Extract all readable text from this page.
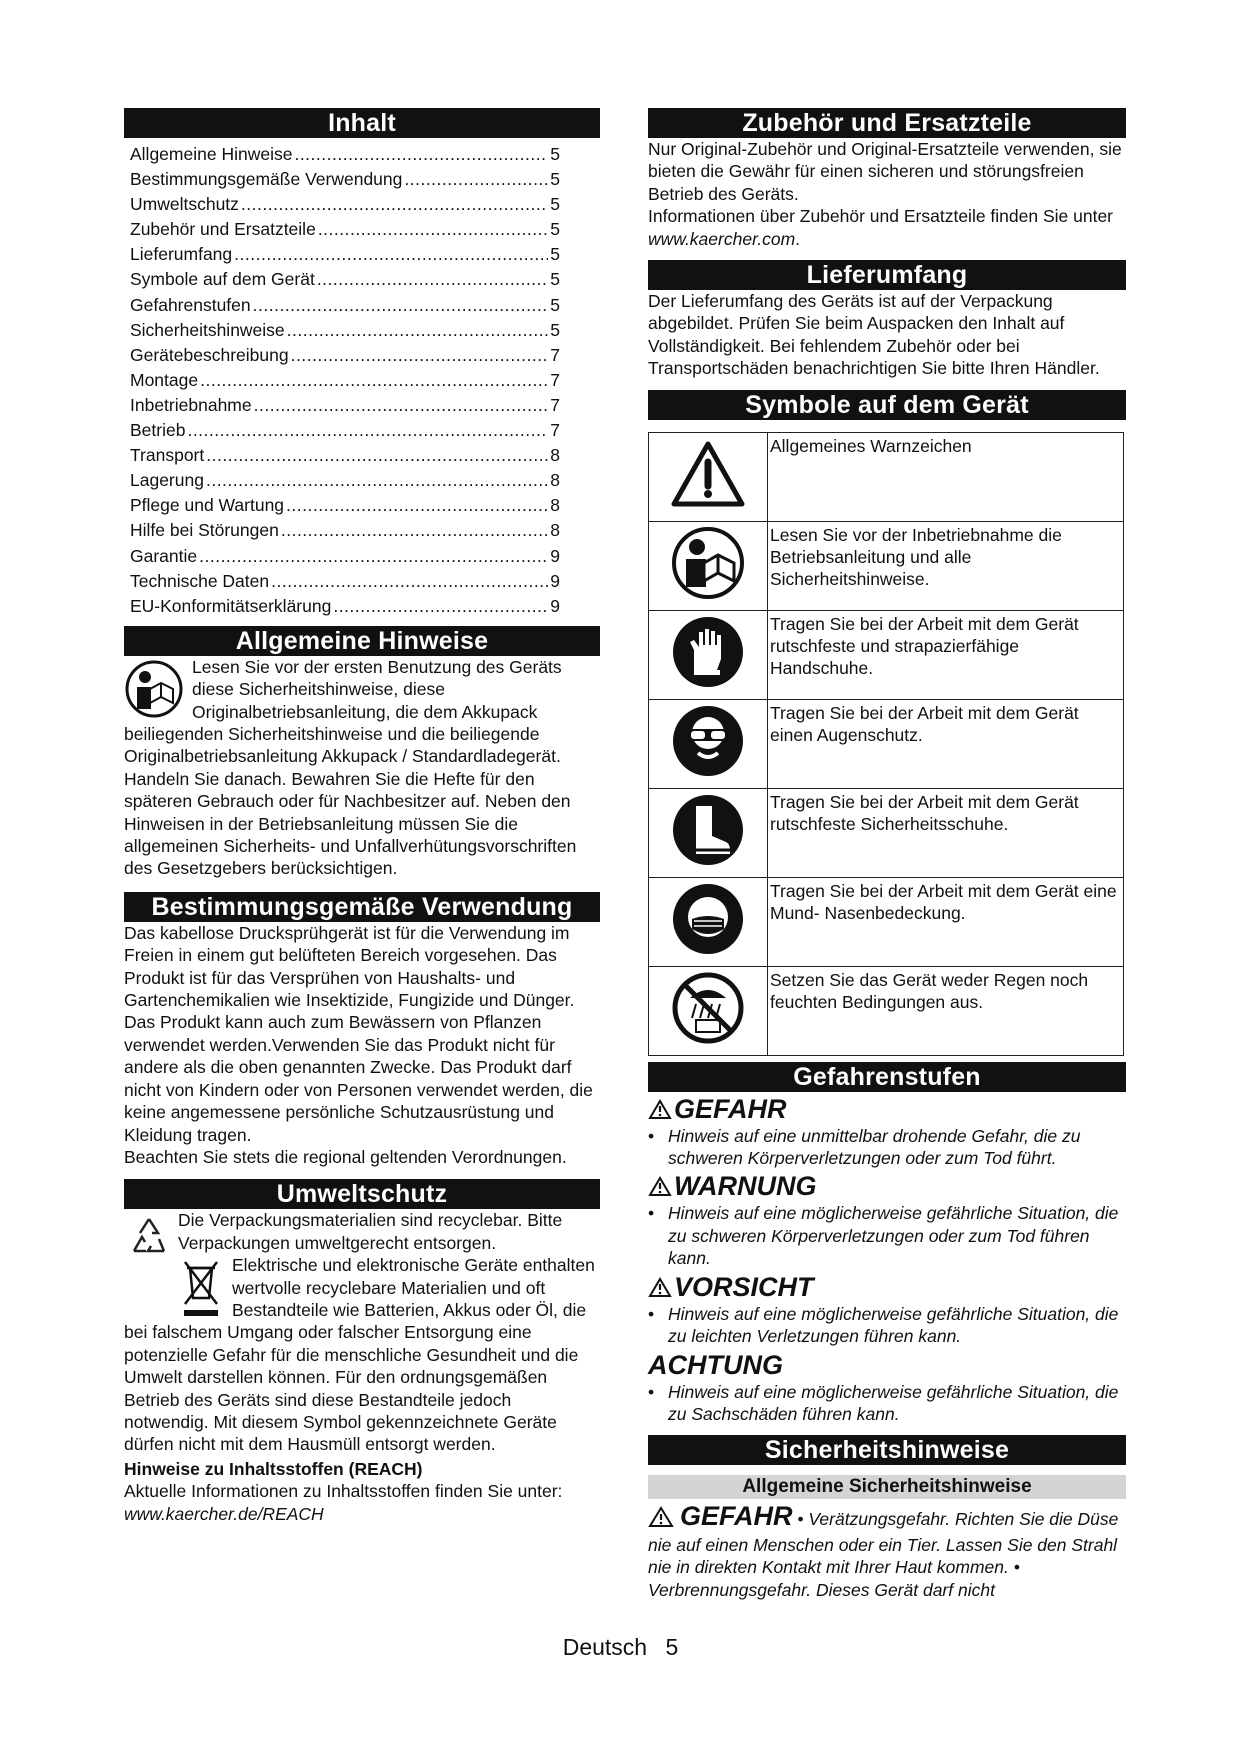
Inhalt
Allgemeine Hinweise .....	5
Bestimmungsgemäße Verwendung .....	5
Umweltschutz .....	5
Zubehör und Ersatzteile .....	5
Lieferumfang .....	5
Symbole auf dem Gerät .....	5
Gefahrenstufen .....	5
Sicherheitshinweise .....	5
Gerätebeschreibung .....	7
Montage .....	7
Inbetriebnahme .....	7
Betrieb .....	7
Transport .....	8
Lagerung .....	8
Pflege und Wartung .....	8
Hilfe bei Störungen .....	8
Garantie .....	9
Technische Daten .....	9
EU-Konformitätserklärung .....	9
Allgemeine Hinweise

Lesen Sie vor der ersten Benutzung des Geräts diese Sicherheitshinweise, diese Originalbetriebsanleitung, die dem Akkupack beiliegenden Sicherheitshinweise und die beiliegende Originalbetriebsanleitung Akkupack / Standardladegerät. Handeln Sie danach. Bewahren Sie die Hefte für den späteren Gebrauch oder für Nachbesitzer auf. Neben den Hinweisen in der Betriebsanleitung müssen Sie die allgemeinen Sicherheits- und Unfallverhütungsvorschriften des Gesetzgebers berücksichtigen.

Bestimmungsgemäße Verwendung

Das kabellose Drucksprühgerät ist für die Verwendung im Freien in einem gut belüfteten Bereich vorgesehen. Das Produkt ist für das Versprühen von Haushalts- und Gartenchemikalien wie Insektizide, Fungizide und Dünger. Das Produkt kann auch zum Bewässern von Pflanzen verwendet werden.Verwenden Sie das Produkt nicht für andere als die oben genannten Zwecke. Das Produkt darf nicht von Kindern oder von Personen verwendet werden, die keine angemessene persönliche Schutzausrüstung und Kleidung tragen.

Beachten Sie stets die regional geltenden Verordnungen.

Umweltschutz

Die Verpackungsmaterialien sind recyclebar. Bitte Verpackungen umweltgerecht entsorgen.

Elektrische und elektronische Geräte enthalten wertvolle recyclebare Materialien und oft Bestandteile wie Batterien, Akkus oder Öl, die bei falschem Umgang oder falscher Entsorgung eine potenzielle Gefahr für die menschliche Gesundheit und die Umwelt darstellen können. Für den ordnungsgemäßen Betrieb des Geräts sind diese Bestandteile jedoch notwendig. Mit diesem Symbol gekennzeichnete Geräte dürfen nicht mit dem Hausmüll entsorgt werden.

Hinweise zu Inhaltsstoffen (REACH)

Aktuelle Informationen zu Inhaltsstoffen finden Sie unter: www.kaercher.de/REACH

Zubehör und Ersatzteile

Nur Original-Zubehör und Original-Ersatzteile verwenden, sie bieten die Gewähr für einen sicheren und störungsfreien Betrieb des Geräts.

Informationen über Zubehör und Ersatzteile finden Sie unter www.kaercher.com.

Lieferumfang

Der Lieferumfang des Geräts ist auf der Verpackung abgebildet. Prüfen Sie beim Auspacken den Inhalt auf Vollständigkeit. Bei fehlendem Zubehör oder bei Transportschäden benachrichtigen Sie bitte Ihren Händler.

Symbole auf dem Gerät
	Allgemeines Warnzeichen
	Lesen Sie vor der Inbetriebnahme die Betriebsanleitung und alle Sicherheitshinweise.
	Tragen Sie bei der Arbeit mit dem Gerät rutschfeste und strapazierfähige Handschuhe.
	Tragen Sie bei der Arbeit mit dem Gerät einen Augenschutz.
	Tragen Sie bei der Arbeit mit dem Gerät rutschfeste Sicherheitsschuhe.
	Tragen Sie bei der Arbeit mit dem Gerät eine Mund- Nasenbedeckung.
	Setzen Sie das Gerät weder Regen noch feuchten Bedingungen aus.
Gefahrenstufen
GEFAHR

• Hinweis auf eine unmittelbar drohende Gefahr, die zu schweren Körperverletzungen oder zum Tod führt.

WARNUNG

• Hinweis auf eine möglicherweise gefährliche Situation, die zu schweren Körperverletzungen oder zum Tod führen kann.

VORSICHT

• Hinweis auf eine möglicherweise gefährliche Situation, die zu leichten Verletzungen führen kann.

ACHTUNG

• Hinweis auf eine möglicherweise gefährliche Situation, die zu Sachschäden führen kann.

Sicherheitshinweise
Allgemeine Sicherheitshinweise

GEFAHR • Verätzungsgefahr. Richten Sie die Düse nie auf einen Menschen oder ein Tier. Lassen Sie den Strahl nie in direkten Kontakt mit Ihrer Haut kommen. • Verbrennungsgefahr. Dieses Gerät darf nicht

Deutsch 5
